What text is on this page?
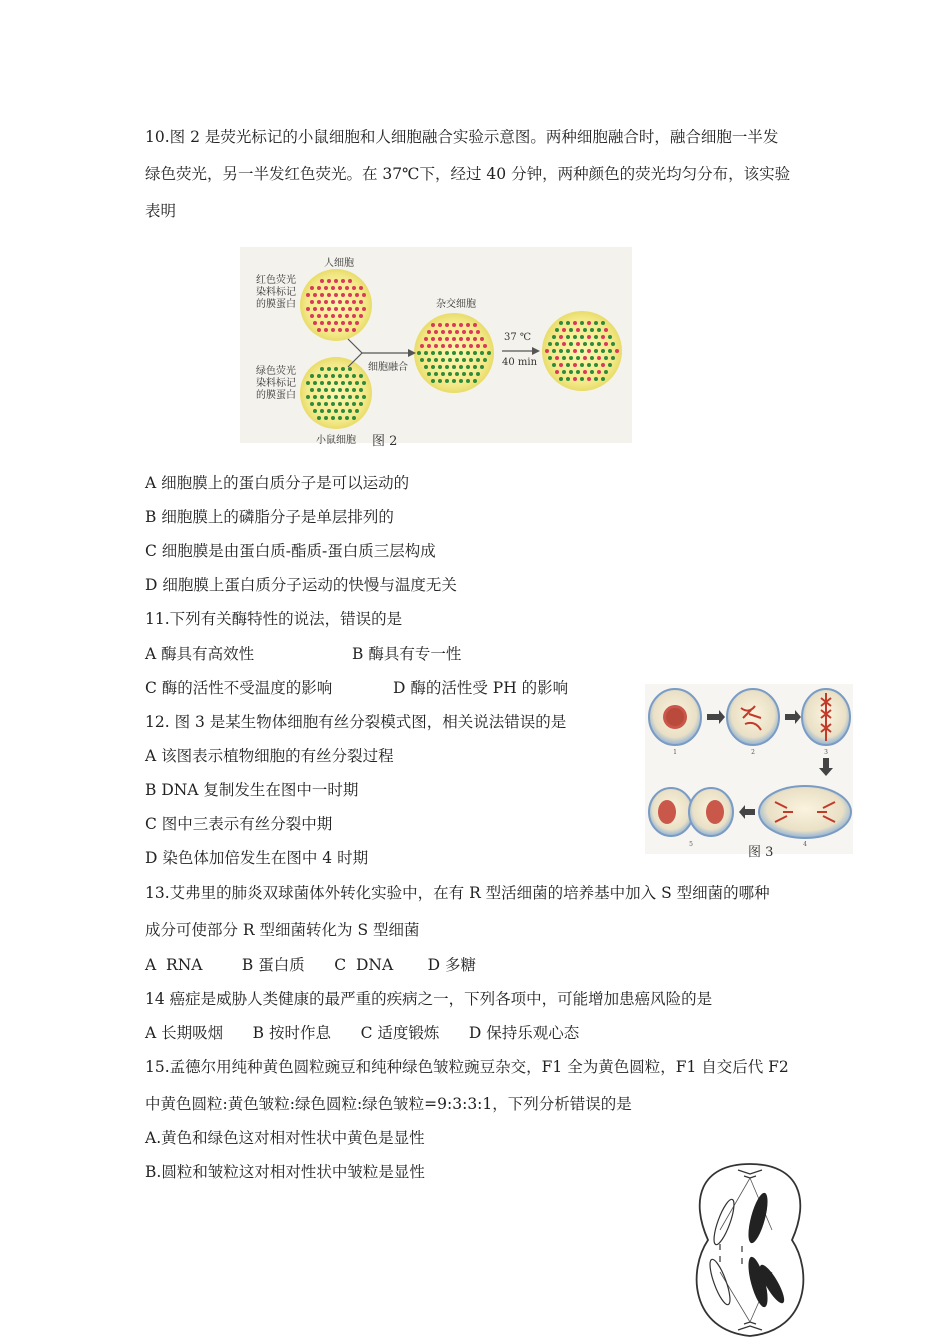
10.图 2 是荧光标记的小鼠细胞和人细胞融合实验示意图。两种细胞融合时，融合细胞一半发
绿色荧光，另一半发红色荧光。在 37℃下，经过 40 分钟，两种颜色的荧光均匀分布，该实验
表明
人细胞
红色荧光
染料标记
的膜蛋白
绿色荧光
染料标记
的膜蛋白
小鼠细胞
细胞融合
杂交细胞
37 ℃
40 min
图 2
A 细胞膜上的蛋白质分子是可以运动的
B 细胞膜上的磷脂分子是单层排列的
C 细胞膜是由蛋白质-酯质-蛋白质三层构成
D 细胞膜上蛋白质分子运动的快慢与温度无关
11.下列有关酶特性的说法，错误的是
A 酶具有高效性	B 酶具有专一性
C 酶的活性不受温度的影响	D 酶的活性受 PH 的影响
12. 图 3 是某生物体细胞有丝分裂模式图，相关说法错误的是
A 该图表示植物细胞的有丝分裂过程
B DNA 复制发生在图中一时期
C 图中三表示有丝分裂中期
D 染色体加倍发生在图中 4 时期
1	2	3
4
5
图 3
13.艾弗里的肺炎双球菌体外转化实验中，在有 R 型活细菌的培养基中加入 S 型细菌的哪种
成分可使部分 R 型细菌转化为 S 型细菌
A  RNA        B 蛋白质      C  DNA       D 多糖
14 癌症是威胁人类健康的最严重的疾病之一，下列各项中，可能增加患癌风险的是
A 长期吸烟      B 按时作息      C 适度锻炼      D 保持乐观心态
15.孟德尔用纯种黄色圆粒豌豆和纯种绿色皱粒豌豆杂交，F1 全为黄色圆粒，F1 自交后代 F2
中黄色圆粒:黄色皱粒:绿色圆粒:绿色皱粒=9:3:3:1，下列分析错误的是
A.黄色和绿色这对相对性状中黄色是显性
B.圆粒和皱粒这对相对性状中皱粒是显性
